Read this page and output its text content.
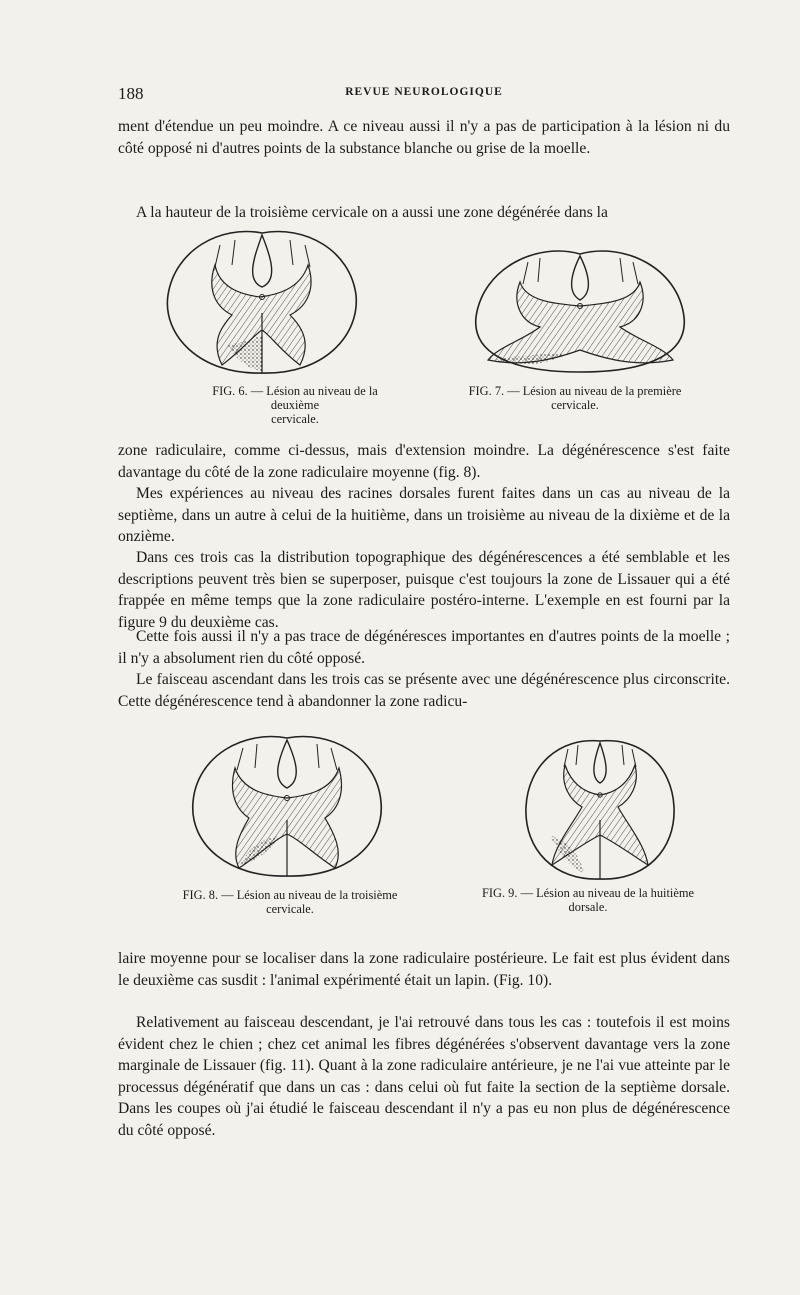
188	REVUE NEUROLOGIQUE

ment d'étendue un peu moindre. A ce niveau aussi il n'y a pas de participation à la lésion ni du côté opposé ni d'autres points de la substance blanche ou grise de la moelle.

A la hauteur de la troisième cervicale on a aussi une zone dégénérée dans la

FIG. 6. — Lésion au niveau de la deuxième
cervicale.
FIG. 7. — Lésion au niveau de la première
cervicale.

zone radiculaire, comme ci-dessus, mais d'extension moindre. La dégénérescence s'est faite davantage du côté de la zone radiculaire moyenne (fig. 8).

Mes expériences au niveau des racines dorsales furent faites dans un cas au niveau de la septième, dans un autre à celui de la huitième, dans un troisième au niveau de la dixième et de la onzième.

Dans ces trois cas la distribution topographique des dégénérescences a été semblable et les descriptions peuvent très bien se superposer, puisque c'est toujours la zone de Lissauer qui a été frappée en même temps que la zone radiculaire postéro-interne. L'exemple en est fourni par la figure 9 du deuxième cas.

Cette fois aussi il n'y a pas trace de dégénéresces importantes en d'autres points de la moelle ; il n'y a absolument rien du côté opposé.

Le faisceau ascendant dans les trois cas se présente avec une dégénérescence plus circonscrite. Cette dégénérescence tend à abandonner la zone radicu-

FIG. 8. — Lésion au niveau de la troisième
cervicale.
FIG. 9. — Lésion au niveau de la huitième
dorsale.

laire moyenne pour se localiser dans la zone radiculaire postérieure. Le fait est plus évident dans le deuxième cas susdit : l'animal expérimenté était un lapin. (Fig. 10).

Relativement au faisceau descendant, je l'ai retrouvé dans tous les cas : toutefois il est moins évident chez le chien ; chez cet animal les fibres dégénérées s'observent davantage vers la zone marginale de Lissauer (fig. 11). Quant à la zone radiculaire antérieure, je ne l'ai vue atteinte par le processus dégénératif que dans un cas : dans celui où fut faite la section de la septième dorsale. Dans les coupes où j'ai étudié le faisceau descendant il n'y a pas eu non plus de dégénérescence du côté opposé.
